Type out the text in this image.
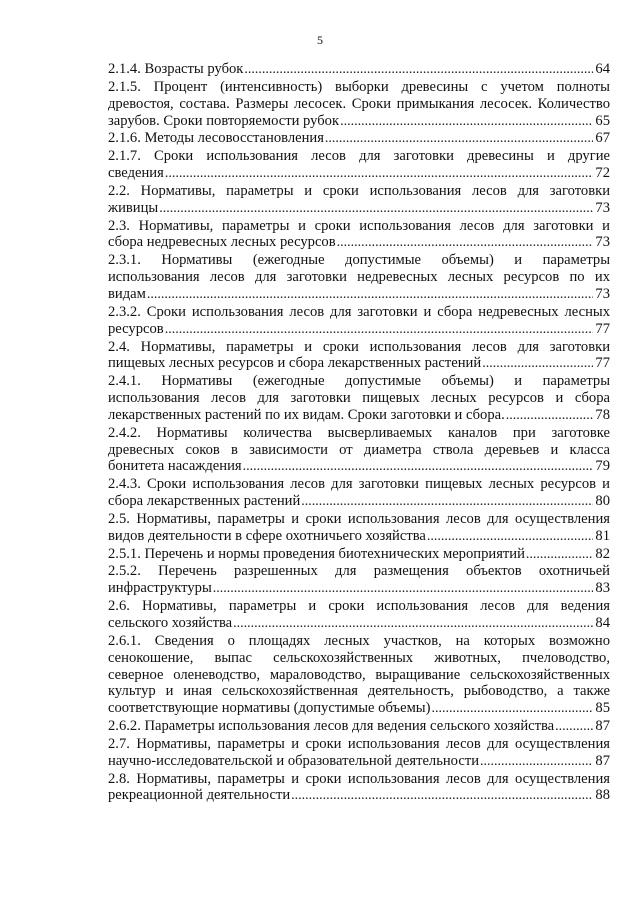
5
2.1.4. Возрасты рубок .....	64
2.1.5. Процент (интенсивность) выборки древесины с учетом полноты
древостоя, состава. Размеры лесосек. Сроки примыкания лесосек. Количество
зарубов. Сроки повторяемости рубок .....	65
2.1.6. Методы лесовосстановления .....	67
2.1.7. Сроки использования лесов для заготовки древесины и другие
сведения .....	72
2.2. Нормативы, параметры и сроки использования лесов для заготовки
живицы .....	73
2.3. Нормативы, параметры и сроки использования лесов для заготовки и
сбора недревесных лесных ресурсов .....	73
2.3.1. Нормативы (ежегодные допустимые объемы) и параметры
использования лесов для заготовки недревесных лесных ресурсов по их
видам .....	73
2.3.2. Сроки использования лесов для заготовки и сбора недревесных лесных
ресурсов .....	77
2.4. Нормативы, параметры и сроки использования лесов для заготовки
пищевых лесных ресурсов и сбора лекарственных растений .....	77
2.4.1. Нормативы (ежегодные допустимые объемы) и параметры
использования лесов для заготовки пищевых лесных ресурсов и сбора
лекарственных растений по их видам. Сроки заготовки и сбора. .....	78
2.4.2. Нормативы количества высверливаемых каналов при заготовке
древесных соков в зависимости от диаметра ствола деревьев и класса
бонитета насаждения .....	79
2.4.3. Сроки использования лесов для заготовки пищевых лесных ресурсов и
сбора лекарственных растений .....	80
2.5. Нормативы, параметры и сроки использования лесов для осуществления
видов деятельности в сфере охотничьего хозяйства .....	81
2.5.1. Перечень и нормы проведения биотехнических мероприятий .....	82
2.5.2. Перечень разрешенных для размещения объектов охотничьей
инфраструктуры .....	83
2.6. Нормативы, параметры и сроки использования лесов для ведения
сельского хозяйства .....	84
2.6.1. Сведения о площадях лесных участков, на которых возможно
сенокошение, выпас сельскохозяйственных животных, пчеловодство,
северное оленеводство, мараловодство, выращивание сельскохозяйственных
культур и иная сельскохозяйственная деятельность, рыбоводство, а также
соответствующие нормативы (допустимые объемы) .....	85
2.6.2. Параметры использования лесов для ведения сельского хозяйства .....	87
2.7. Нормативы, параметры и сроки использования лесов для осуществления
научно-исследовательской и образовательной деятельности .....	87
2.8. Нормативы, параметры и сроки использования лесов для осуществления
рекреационной деятельности .....	88
